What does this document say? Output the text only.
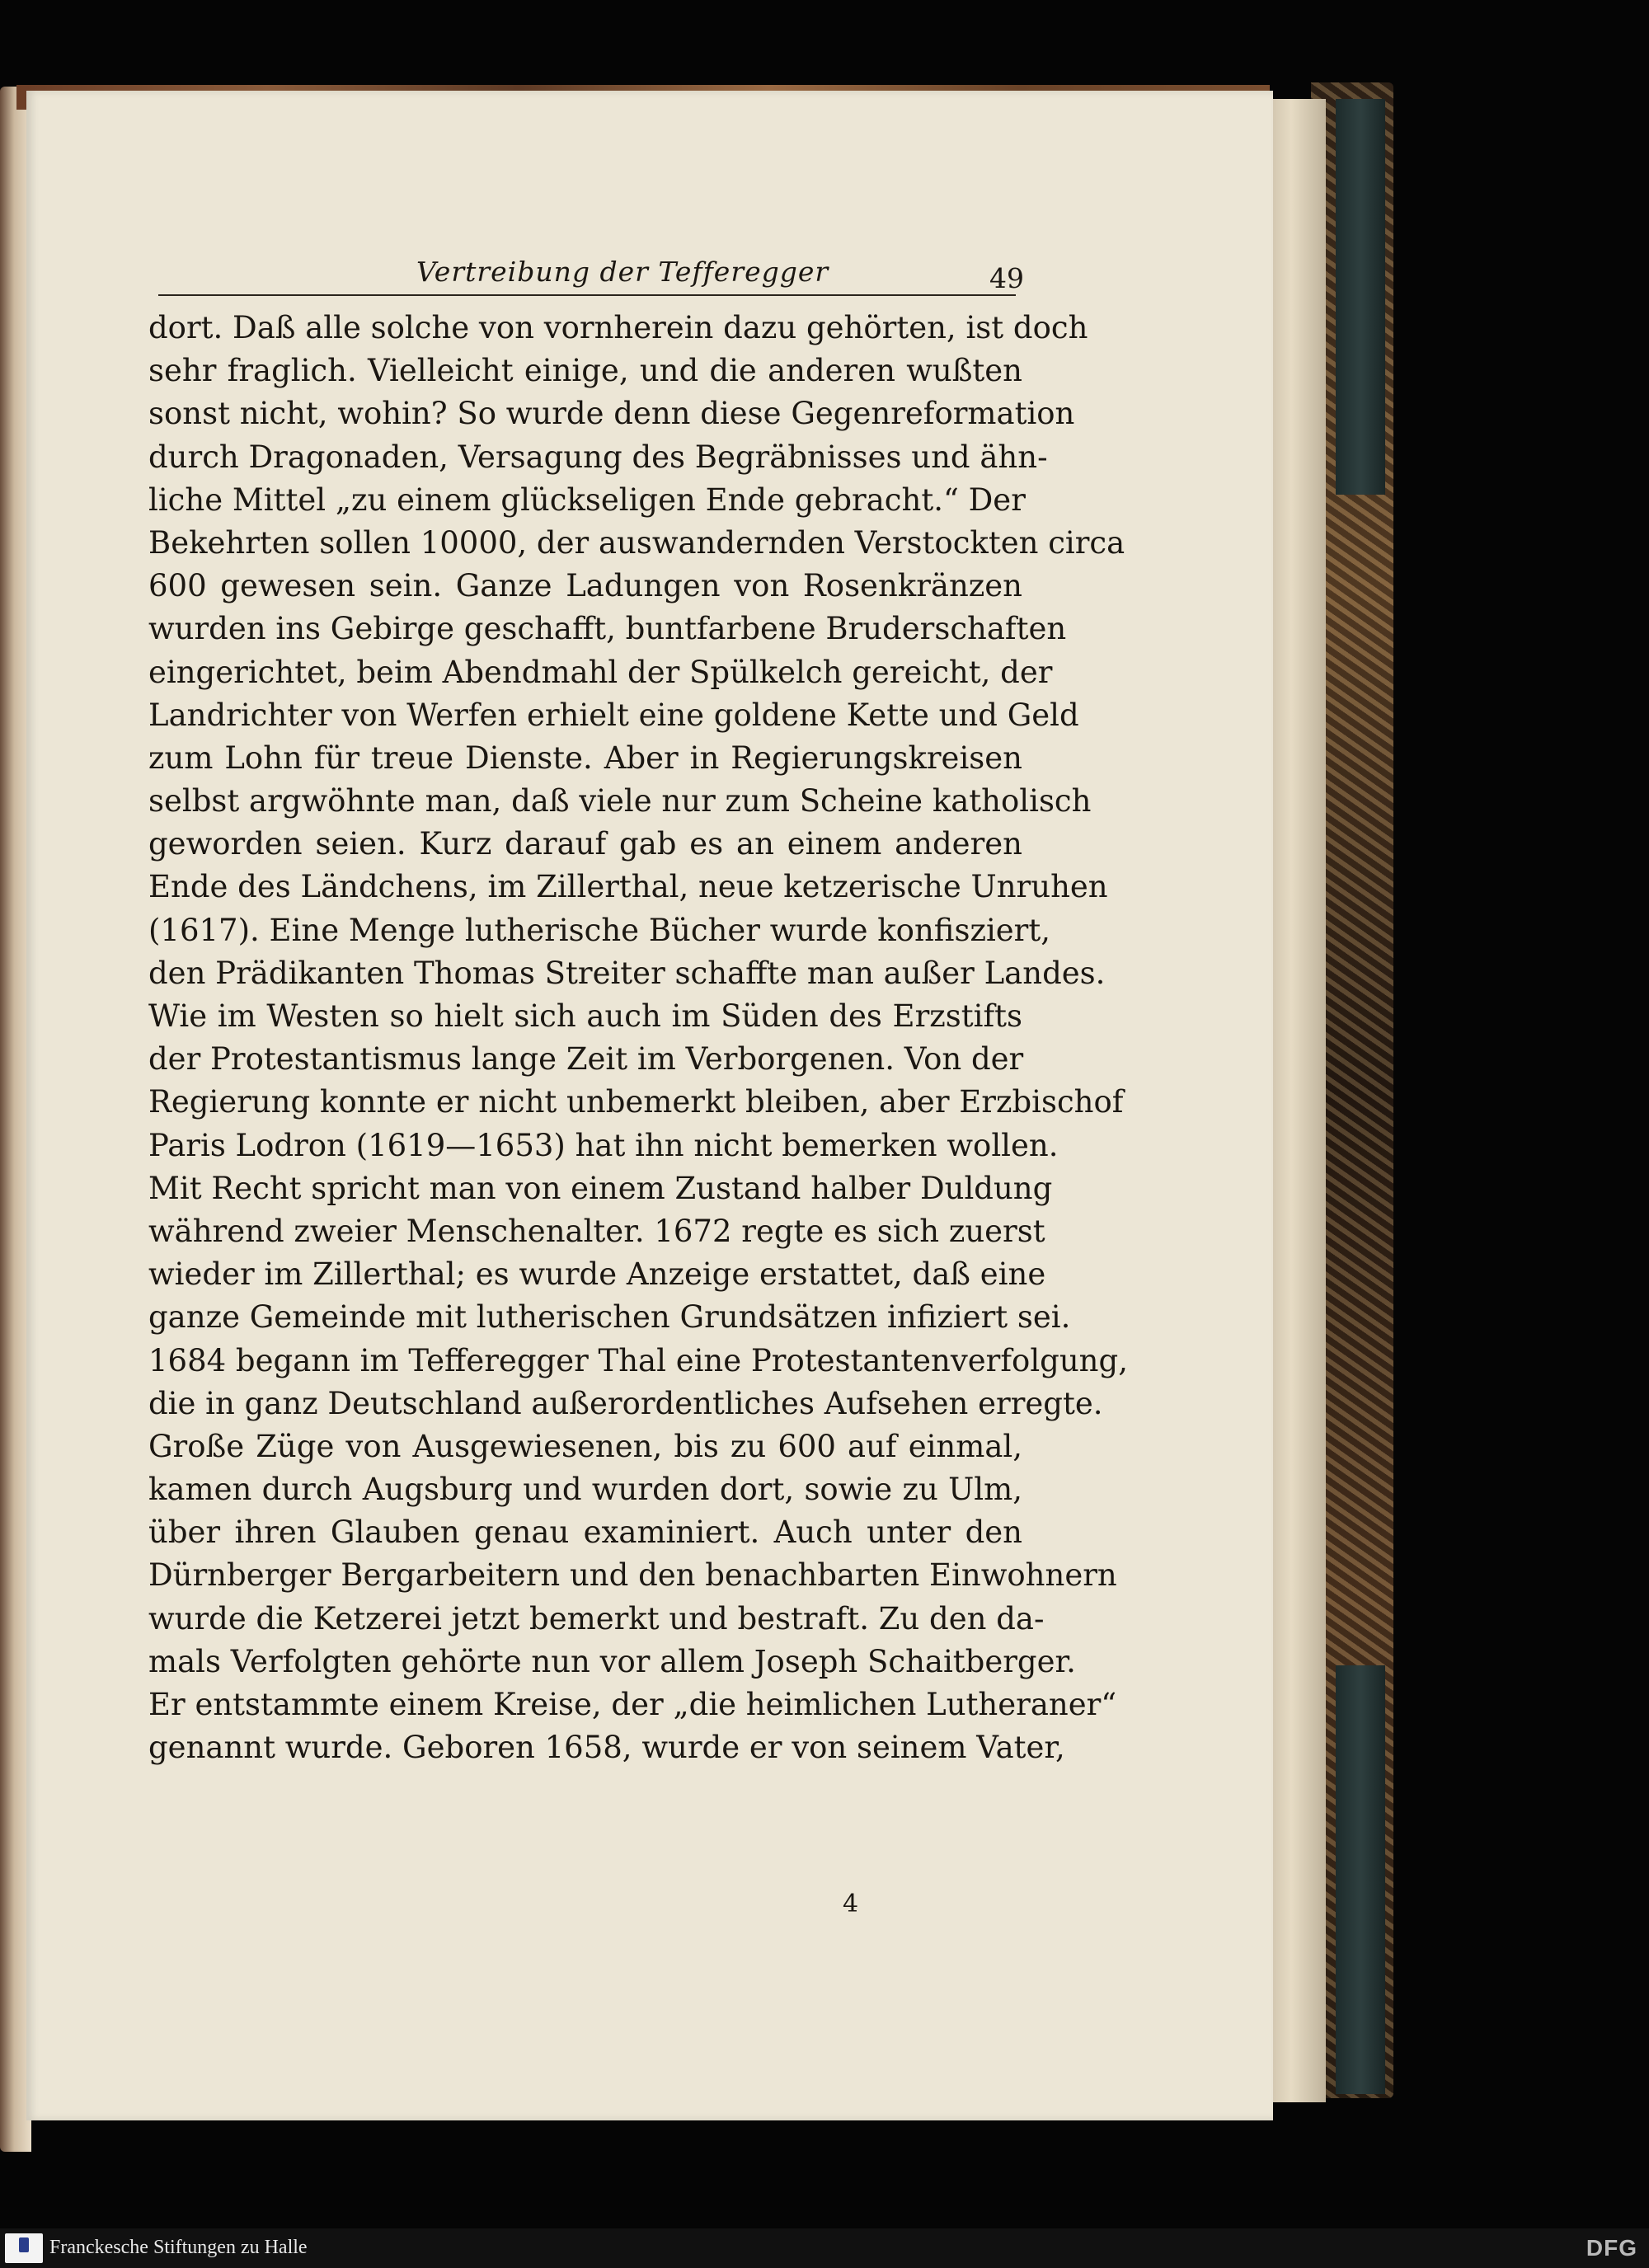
Vertreibung der Tefferegger	49
dort. Daß alle solche von vornherein dazu gehörten, ist doch
sehr fraglich. Vielleicht einige, und die anderen wußten
sonst nicht, wohin? So wurde denn diese Gegenreformation
durch Dragonaden, Versagung des Begräbnisses und ähn-
liche Mittel „zu einem glückseligen Ende gebracht.“ Der
Bekehrten sollen 10000, der auswandernden Verstockten circa
600 gewesen sein. Ganze Ladungen von Rosenkränzen
wurden ins Gebirge geschafft, buntfarbene Bruderschaften
eingerichtet, beim Abendmahl der Spülkelch gereicht, der
Landrichter von Werfen erhielt eine goldene Kette und Geld
zum Lohn für treue Dienste. Aber in Regierungskreisen
selbst argwöhnte man, daß viele nur zum Scheine katholisch
geworden seien. Kurz darauf gab es an einem anderen
Ende des Ländchens, im Zillerthal, neue ketzerische Unruhen
(1617). Eine Menge lutherische Bücher wurde konfisziert,
den Prädikanten Thomas Streiter schaffte man außer Landes.
Wie im Westen so hielt sich auch im Süden des Erzstifts
der Protestantismus lange Zeit im Verborgenen. Von der
Regierung konnte er nicht unbemerkt bleiben, aber Erzbischof
Paris Lodron (1619—1653) hat ihn nicht bemerken wollen.
Mit Recht spricht man von einem Zustand halber Duldung
während zweier Menschenalter. 1672 regte es sich zuerst
wieder im Zillerthal; es wurde Anzeige erstattet, daß eine
ganze Gemeinde mit lutherischen Grundsätzen infiziert sei.
1684 begann im Tefferegger Thal eine Protestantenverfolgung,
die in ganz Deutschland außerordentliches Aufsehen erregte.
Große Züge von Ausgewiesenen, bis zu 600 auf einmal,
kamen durch Augsburg und wurden dort, sowie zu Ulm,
über ihren Glauben genau examiniert. Auch unter den
Dürnberger Bergarbeitern und den benachbarten Einwohnern
wurde die Ketzerei jetzt bemerkt und bestraft. Zu den da-
mals Verfolgten gehörte nun vor allem Joseph Schaitberger.
Er entstammte einem Kreise, der „die heimlichen Lutheraner“
genannt wurde. Geboren 1658, wurde er von seinem Vater,
4
Franckesche Stiftungen zu Halle	DFG
